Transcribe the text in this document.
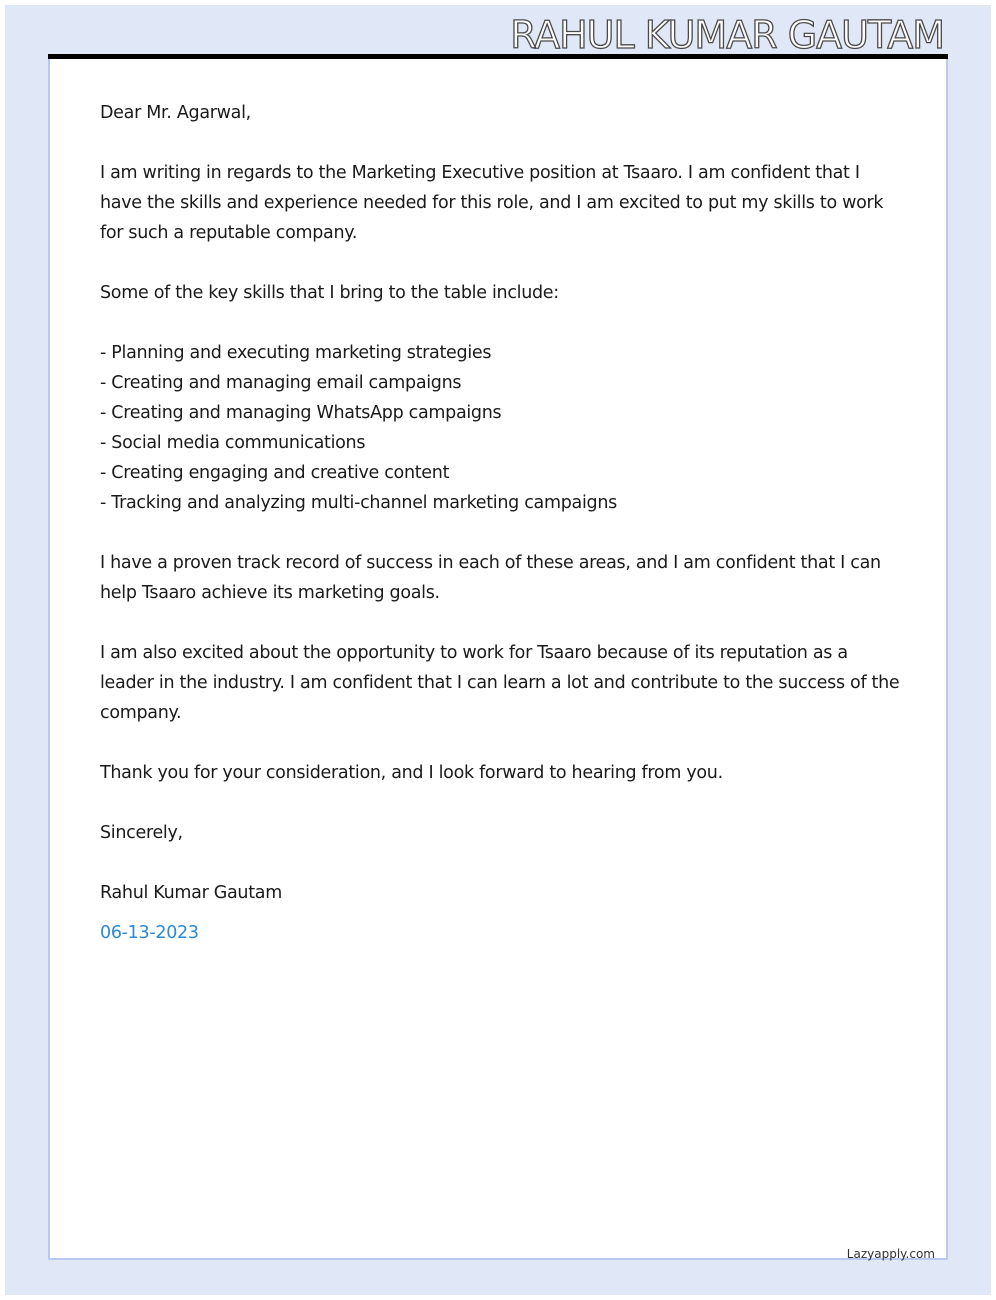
RAHUL KUMAR GAUTAM

Dear Mr. Agarwal,

I am writing in regards to the Marketing Executive position at Tsaaro. I am confident that I have the skills and experience needed for this role, and I am excited to put my skills to work for such a reputable company.

Some of the key skills that I bring to the table include:

- Planning and executing marketing strategies
- Creating and managing email campaigns
- Creating and managing WhatsApp campaigns
- Social media communications
- Creating engaging and creative content
- Tracking and analyzing multi-channel marketing campaigns

I have a proven track record of success in each of these areas, and I am confident that I can help Tsaaro achieve its marketing goals.

I am also excited about the opportunity to work for Tsaaro because of its reputation as a leader in the industry. I am confident that I can learn a lot and contribute to the success of the company.

Thank you for your consideration, and I look forward to hearing from you.

Sincerely,

Rahul Kumar Gautam

06-13-2023

Lazyapply.com
